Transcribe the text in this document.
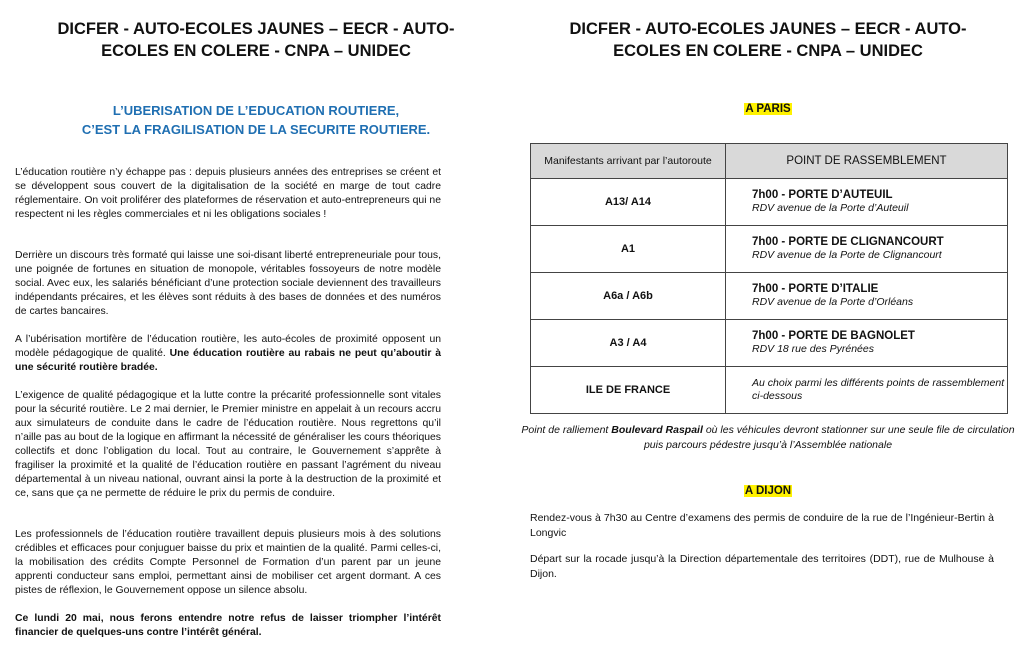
DICFER - AUTO-ECOLES JAUNES – EECR - AUTO-
ECOLES EN COLERE - CNPA – UNIDEC
L’UBERISATION DE L’EDUCATION ROUTIERE,
C’EST LA FRAGILISATION DE LA SECURITE ROUTIERE.

L’éducation routière n’y échappe pas : depuis plusieurs années des entreprises se créent et se développent sous couvert de la digitalisation de la société en marge de tout cadre réglementaire. On voit proliférer des plateformes de réservation et auto-entrepreneurs qui ne respectent ni les règles commerciales et ni les obligations sociales !

Derrière un discours très formaté qui laisse une soi-disant liberté entrepreneuriale pour tous, une poignée de fortunes en situation de monopole, véritables fossoyeurs de notre modèle social. Avec eux, les salariés bénéficiant d’une protection sociale deviennent des travailleurs indépendants précaires, et les élèves sont réduits à des bases de données et des numéros de cartes bancaires.

A l’ubérisation mortifère de l’éducation routière, les auto-écoles de proximité opposent un modèle pédagogique de qualité. Une éducation routière au rabais ne peut qu’aboutir à une sécurité routière bradée.

L’exigence de qualité pédagogique et la lutte contre la précarité professionnelle sont vitales pour la sécurité routière. Le 2 mai dernier, le Premier ministre en appelait à un recours accru aux simulateurs de conduite dans le cadre de l’éducation routière. Nous regrettons qu’il n’aille pas au bout de la logique en affirmant la nécessité de généraliser les cours théoriques collectifs et donc l’obligation du local. Tout au contraire, le Gouvernement s’apprête à fragiliser la proximité et la qualité de l’éducation routière en passant l’agrément du niveau départemental à un niveau national, ouvrant ainsi la porte à la destruction de la proximité et ce, sans que ça ne permette de réduire le prix du permis de conduire.

Les professionnels de l’éducation routière travaillent depuis plusieurs mois à des solutions crédibles et efficaces pour conjuguer baisse du prix et maintien de la qualité. Parmi celles-ci, la mobilisation des crédits Compte Personnel de Formation d’un parent par un jeune apprenti conducteur sans emploi, permettant ainsi de mobiliser cet argent dormant. A ces pistes de réflexion, le Gouvernement oppose un silence absolu.

Ce lundi 20 mai, nous ferons entendre notre refus de laisser triompher l’intérêt financier de quelques-uns contre l’intérêt général.

DICFER - AUTO-ECOLES JAUNES – EECR - AUTO-
ECOLES EN COLERE - CNPA – UNIDEC
A PARIS
Manifestants arrivant par l’autoroute	POINT DE RASSEMBLEMENT
A13/ A14	7h00 - PORTE D’AUTEUIL
RDV avenue de la Porte d’Auteuil

A1	7h00 - PORTE DE CLIGNANCOURT
RDV avenue de la Porte de Clignancourt

A6a / A6b	7h00 - PORTE D’ITALIE
RDV avenue de la Porte d’Orléans

A3 / A4	7h00 - PORTE DE BAGNOLET
RDV 18 rue des Pyrénées

ILE DE FRANCE	Au choix parmi les différents points de rassemblement ci-dessous
Point de ralliement Boulevard Raspail où les véhicules devront stationner sur une seule file de circulation puis parcours pédestre jusqu’à l’Assemblée nationale
A DIJON

Rendez-vous à 7h30 au Centre d’examens des permis de conduire de la rue de l’Ingénieur-Bertin à Longvic

Départ sur la rocade jusqu’à la Direction départementale des territoires (DDT), rue de Mulhouse à Dijon.
